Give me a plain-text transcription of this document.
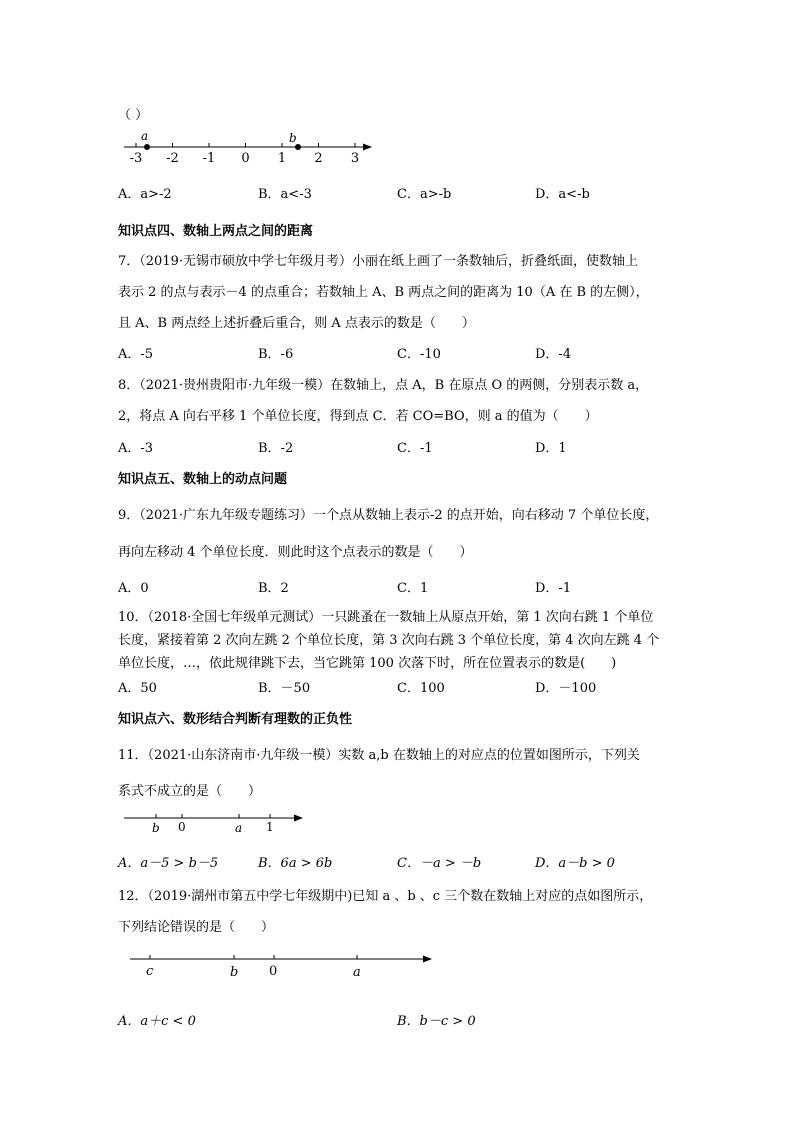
（ ）
-3 -2 -1 0 1 2 3
a	b
A．a>-2	B．a<-3	C．a>-b	D．a<-b
知识点四、数轴上两点之间的距离
7．（2019·无锡市硕放中学七年级月考）小丽在纸上画了一条数轴后，折叠纸面，使数轴上
表示 2 的点与表示－4 的点重合；若数轴上 A、B 两点之间的距离为 10（A 在 B 的左侧），
且 A、B 两点经上述折叠后重合，则 A 点表示的数是（　　）
A．-5	B．-6	C．-10	D．-4
8．（2021·贵州贵阳市·九年级一模）在数轴上，点 A，B 在原点 O 的两侧，分别表示数 a，
2，将点 A 向右平移 1 个单位长度，得到点 C．若 CO=BO，则 a 的值为（　　）
A．-3	B．-2	C．-1	D．1
知识点五、数轴上的动点问题
9．（2021·广东九年级专题练习）一个点从数轴上表示-2 的点开始，向右移动 7 个单位长度，
再向左移动 4 个单位长度．则此时这个点表示的数是（　　）
A．0	B．2	C．1	D．-1
10．（2018·全国七年级单元测试）一只跳蚤在一数轴上从原点开始，第 1 次向右跳 1 个单位
长度，紧接着第 2 次向左跳 2 个单位长度，第 3 次向右跳 3 个单位长度，第 4 次向左跳 4 个
单位长度，…，依此规律跳下去，当它跳第 100 次落下时，所在位置表示的数是(　　)
A．50	B．－50	C．100	D．－100
知识点六、数形结合判断有理数的正负性
11．（2021·山东济南市·九年级一模）实数 a,b 在数轴上的对应点的位置如图所示，下列关
系式不成立的是（　　）
b 0	a 1
A．a－5 > b－5	B．6a > 6b	C．－a > －b	D．a－b > 0
12．（2019·湖州市第五中学七年级期中)已知 a 、b 、c 三个数在数轴上对应的点如图所示，
下列结论错误的是（　　）
c	b 0	a
A．a＋c < 0	B．b－c > 0
